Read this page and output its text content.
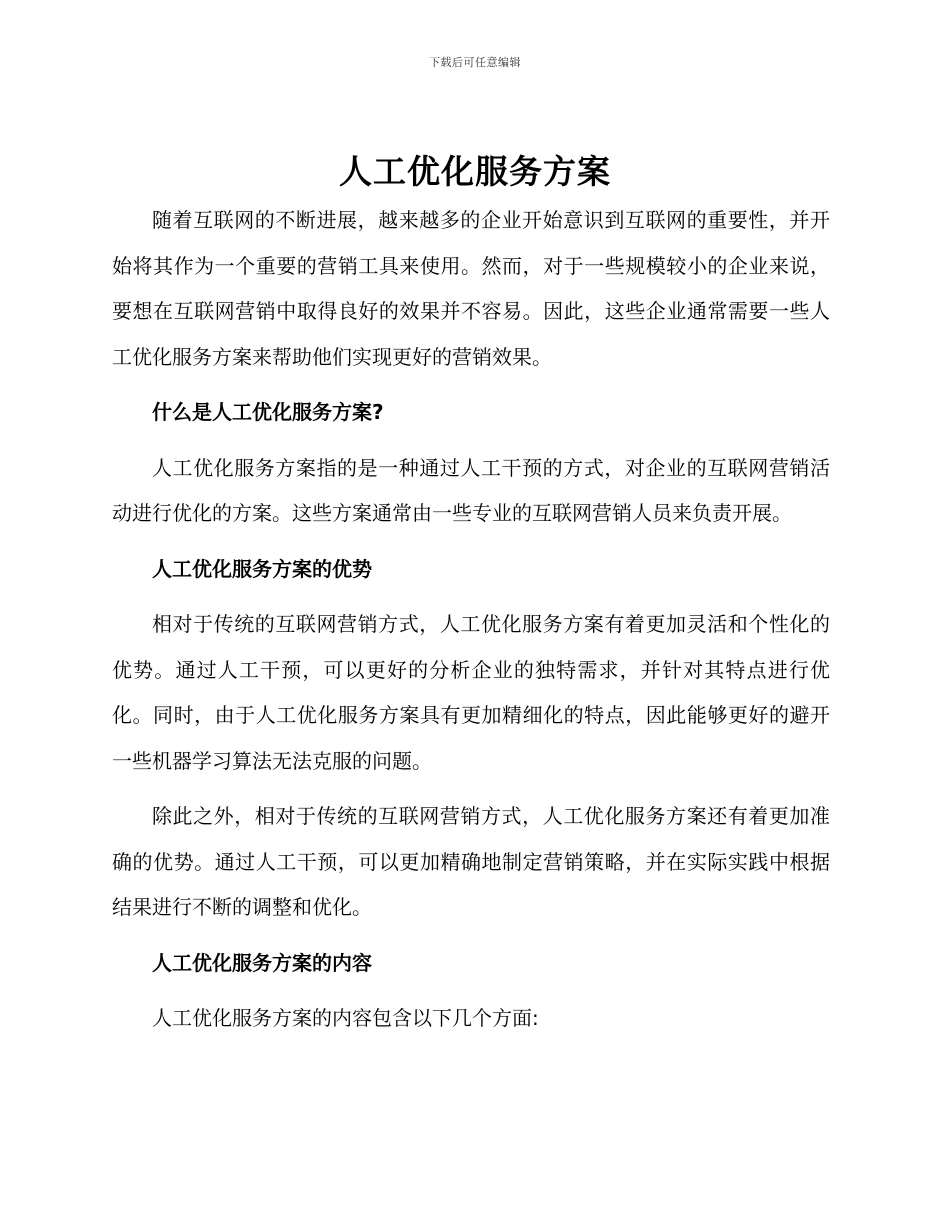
下载后可任意编辑
人工优化服务方案

随着互联网的不断进展，越来越多的企业开始意识到互联网的重要性，并开始将其作为一个重要的营销工具来使用。然而，对于一些规模较小的企业来说，要想在互联网营销中取得良好的效果并不容易。因此，这些企业通常需要一些人工优化服务方案来帮助他们实现更好的营销效果。

什么是人工优化服务方案?

人工优化服务方案指的是一种通过人工干预的方式，对企业的互联网营销活动进行优化的方案。这些方案通常由一些专业的互联网营销人员来负责开展。

人工优化服务方案的优势

相对于传统的互联网营销方式，人工优化服务方案有着更加灵活和个性化的优势。通过人工干预，可以更好的分析企业的独特需求，并针对其特点进行优化。同时，由于人工优化服务方案具有更加精细化的特点，因此能够更好的避开一些机器学习算法无法克服的问题。

除此之外，相对于传统的互联网营销方式，人工优化服务方案还有着更加准确的优势。通过人工干预，可以更加精确地制定营销策略，并在实际实践中根据结果进行不断的调整和优化。

人工优化服务方案的内容

人工优化服务方案的内容包含以下几个方面:
